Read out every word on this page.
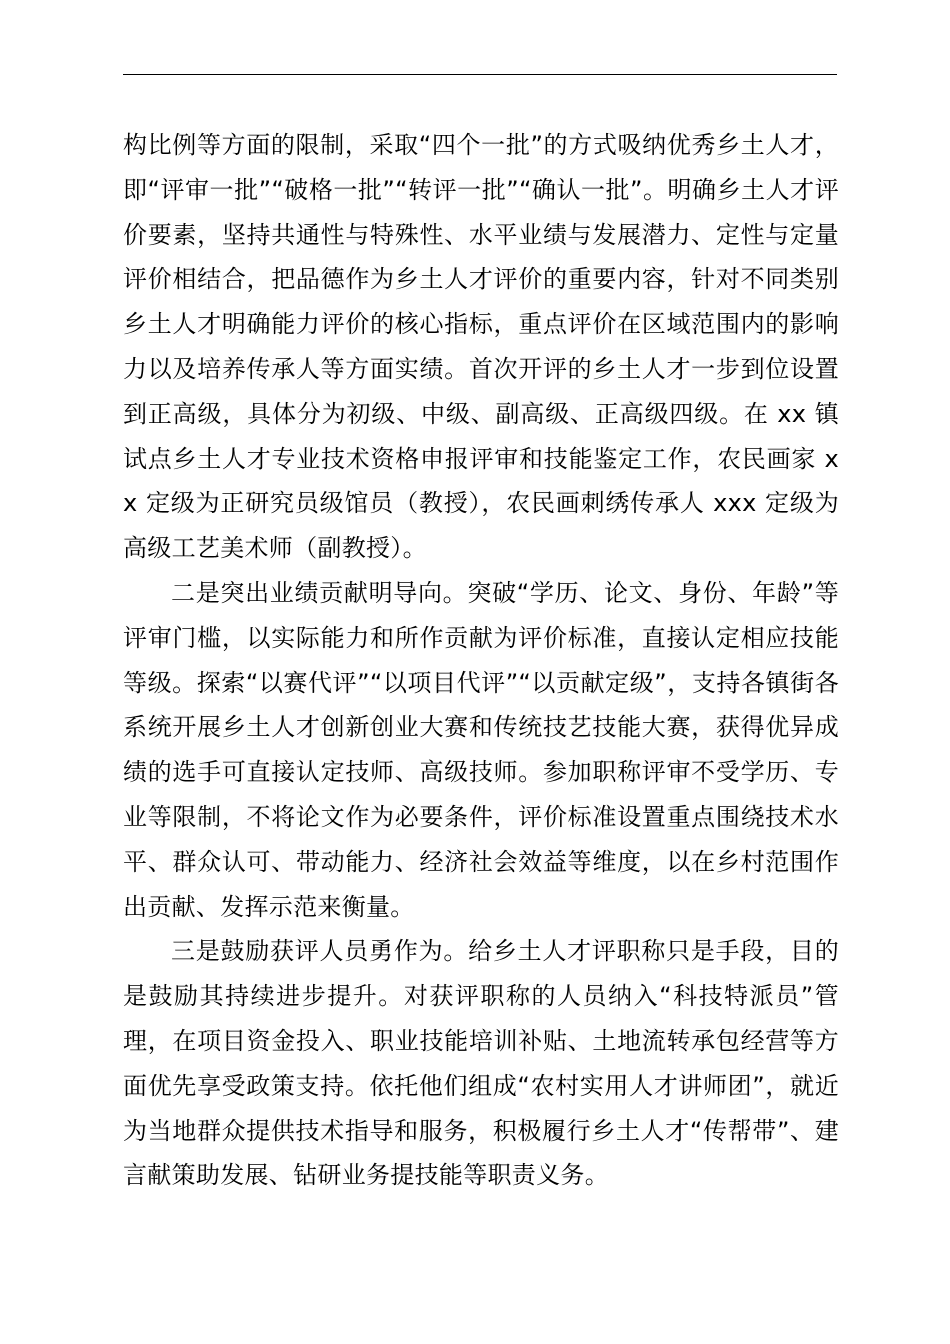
构比例等方面的限制，采取“四个一批”的方式吸纳优秀乡土人才，即“评审一批”“破格一批”“转评一批”“确认一批”。明确乡土人才评价要素，坚持共通性与特殊性、水平业绩与发展潜力、定性与定量评价相结合，把品德作为乡土人才评价的重要内容，针对不同类别乡土人才明确能力评价的核心指标，重点评价在区域范围内的影响力以及培养传承人等方面实绩。首次开评的乡土人才一步到位设置到正高级，具体分为初级、中级、副高级、正高级四级。在 xx 镇试点乡土人才专业技术资格申报评审和技能鉴定工作，农民画家 xx 定级为正研究员级馆员（教授），农民画刺绣传承人 xxx 定级为高级工艺美术师（副教授）。

二是突出业绩贡献明导向。突破“学历、论文、身份、年龄”等评审门槛，以实际能力和所作贡献为评价标准，直接认定相应技能等级。探索“以赛代评”“以项目代评”“以贡献定级”，支持各镇街各系统开展乡土人才创新创业大赛和传统技艺技能大赛，获得优异成绩的选手可直接认定技师、高级技师。参加职称评审不受学历、专业等限制，不将论文作为必要条件，评价标准设置重点围绕技术水平、群众认可、带动能力、经济社会效益等维度，以在乡村范围作出贡献、发挥示范来衡量。

三是鼓励获评人员勇作为。给乡土人才评职称只是手段，目的是鼓励其持续进步提升。对获评职称的人员纳入“科技特派员”管理，在项目资金投入、职业技能培训补贴、土地流转承包经营等方面优先享受政策支持。依托他们组成“农村实用人才讲师团”，就近为当地群众提供技术指导和服务，积极履行乡土人才“传帮带”、建言献策助发展、钻研业务提技能等职责义务。
